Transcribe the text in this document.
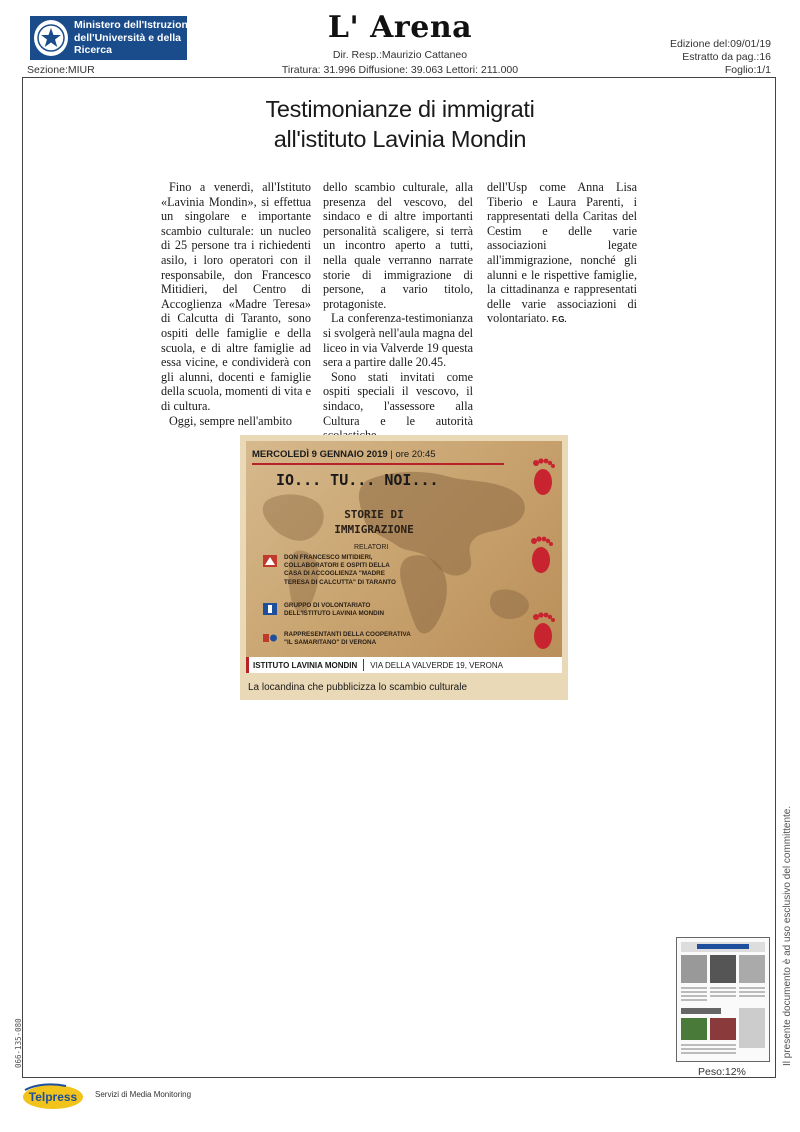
Ministero dell'Istruzione
dell'Università e della
Ricerca
L' Arena
Dir. Resp.:Maurizio Cattaneo
Tiratura: 31.996 Diffusione: 39.063 Lettori: 211.000
Edizione del:09/01/19
Estratto da pag.:16
Foglio:1/1
Sezione:MIUR
Testimonianze di immigrati
all'istituto Lavinia Mondin

Fino a venerdì, all'Istituto «Lavinia Mondin», si effettua un singolare e importante scambio culturale: un nucleo di 25 persone tra i richiedenti asilo, i loro operatori con il responsabile, don Francesco Mitidieri, del Centro di Accoglienza «Madre Teresa» di Calcutta di Taranto, sono ospiti delle famiglie e della scuola, e di altre famiglie ad essa vicine, e condividerà con gli alunni, docenti e famiglie della scuola, momenti di vita e di cultura.

Oggi, sempre nell'ambito

dello scambio culturale, alla presenza del vescovo, del sindaco e di altre importanti personalità scaligere, si terrà un incontro aperto a tutti, nella quale verranno narrate storie di immigrazione di persone, a vario titolo, protagoniste.

La conferenza-testimonianza si svolgerà nell'aula magna del liceo in via Valverde 19 questa sera a partire dalle 20.45.

Sono stati invitati come ospiti speciali il vescovo, il sindaco, l'assessore alla Cultura e le autorità

dell'Usp come Anna Lisa Tiberio e Laura Parenti, i rappresentati della Caritas del Cestim e delle varie associazioni legate all'immigrazione, nonché gli alunni e le rispettive famiglie, la cittadinanza e rappresentati delle varie associazioni di volontariato. F.G.

MERCOLEDÌ 9 GENNAIO 2019 | ore 20:45
IO... TU... NOI...
STORIE DI
IMMIGRAZIONE
RELATORI
DON FRANCESCO MITIDIERI,
COLLABORATORI E OSPITI DELLA
CASA DI ACCOGLIENZA "MADRE
TERESA DI CALCUTTA" DI TARANTO
GRUPPO DI VOLONTARIATO
DELL'ISTITUTO LAVINIA MONDIN
RAPPRESENTANTI DELLA COOPERATIVA
"IL SAMARITANO" DI VERONA
ISTITUTO LAVINIA MONDIN	VIA DELLA VALVERDE 19, VERONA
La locandina che pubblicizza lo scambio culturale
Il presente documento è ad uso esclusivo del committente.
Peso:12%
066-135-080
Telpress Servizi di Media Monitoring
